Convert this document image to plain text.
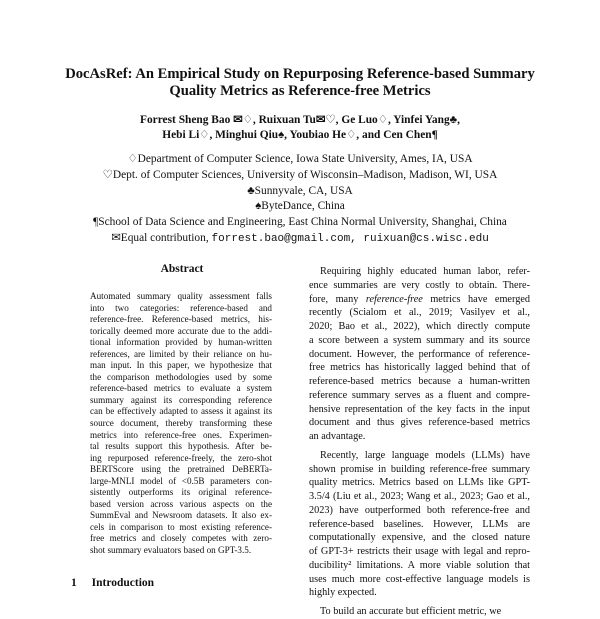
DocAsRef: An Empirical Study on Repurposing Reference-based Summary
Quality Metrics as Reference-free Metrics
Forrest Sheng Bao ✉♢, Ruixuan Tu✉♡, Ge Luo♢, Yinfei Yang♣,
Hebi Li♢, Minghui Qiu♠, Youbiao He♢, and Cen Chen¶
♢Department of Computer Science, Iowa State University, Ames, IA, USA
♡Dept. of Computer Sciences, University of Wisconsin–Madison, Madison, WI, USA
♣Sunnyvale, CA, USA
♠ByteDance, China
¶School of Data Science and Engineering, East China Normal University, Shanghai, China
✉Equal contribution, forrest.bao@gmail.com, ruixuan@cs.wisc.edu
Abstract
Automated summary quality assessment falls
into two categories: reference-based and
reference-free. Reference-based metrics, his-
torically deemed more accurate due to the addi-
tional information provided by human-written
references, are limited by their reliance on hu-
man input. In this paper, we hypothesize that
the comparison methodologies used by some
reference-based metrics to evaluate a system
summary against its corresponding reference
can be effectively adapted to assess it against its
source document, thereby transforming these
metrics into reference-free ones. Experimen-
tal results support this hypothesis. After be-
ing repurposed reference-freely, the zero-shot
BERTScore using the pretrained DeBERTa-
large-MNLI model of <0.5B parameters con-
sistently outperforms its original reference-
based version across various aspects on the
SummEval and Newsroom datasets. It also ex-
cels in comparison to most existing reference-
free metrics and closely competes with zero-
shot summary evaluators based on GPT-3.5.
1 Introduction
Requiring highly educated human labor, refer-
ence summaries are very costly to obtain. There-
fore, many reference-free metrics have emerged
recently (Scialom et al., 2019; Vasilyev et al.,
2020; Bao et al., 2022), which directly compute
a score between a system summary and its source
document. However, the performance of reference-
free metrics has historically lagged behind that of
reference-based metrics because a human-written
reference summary serves as a fluent and compre-
hensive representation of the key facts in the input
document and thus gives reference-based metrics
an advantage.
Recently, large language models (LLMs) have
shown promise in building reference-free summary
quality metrics. Metrics based on LLMs like GPT-
3.5/4 (Liu et al., 2023; Wang et al., 2023; Gao et al.,
2023) have outperformed both reference-free and
reference-based baselines. However, LLMs are
computationally expensive, and the closed nature
of GPT-3+ restricts their usage with legal and repro-
ducibility² limitations. A more viable solution that
uses much more cost-effective language models is
highly expected.
To build an accurate but efficient metric, we
